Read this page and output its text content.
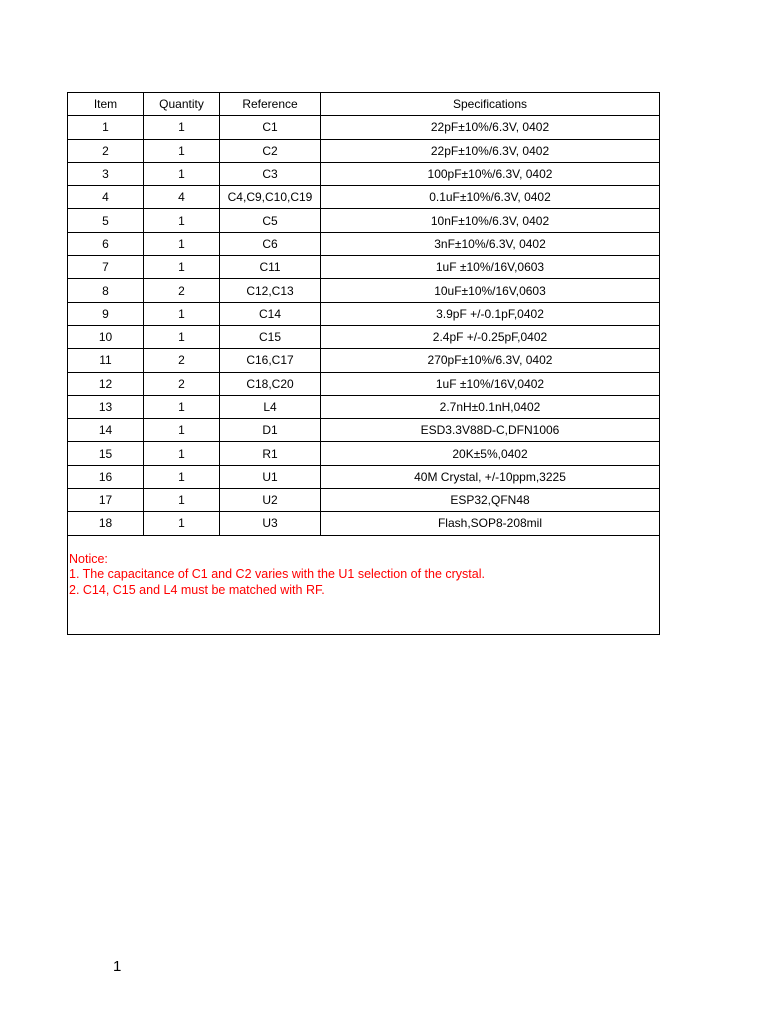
Item	Quantity	Reference	Specifications
1	1	C1	22pF±10%/6.3V, 0402
2	1	C2	22pF±10%/6.3V, 0402
3	1	C3	100pF±10%/6.3V, 0402
4	4	C4,C9,C10,C19	0.1uF±10%/6.3V, 0402
5	1	C5	10nF±10%/6.3V, 0402
6	1	C6	3nF±10%/6.3V, 0402
7	1	C11	1uF ±10%/16V,0603
8	2	C12,C13	10uF±10%/16V,0603
9	1	C14	3.9pF +/-0.1pF,0402
10	1	C15	2.4pF +/-0.25pF,0402
11	2	C16,C17	270pF±10%/6.3V, 0402
12	2	C18,C20	1uF ±10%/16V,0402
13	1	L4	2.7nH±0.1nH,0402
14	1	D1	ESD3.3V88D-C,DFN1006
15	1	R1	20K±5%,0402
16	1	U1	40M Crystal, +/-10ppm,3225
17	1	U2	ESP32,QFN48
18	1	U3	Flash,SOP8-208mil

Notice:
1. The capacitance of C1 and C2 varies with the U1 selection of the crystal.
2. C14, C15 and L4 must be matched with RF.			
1
